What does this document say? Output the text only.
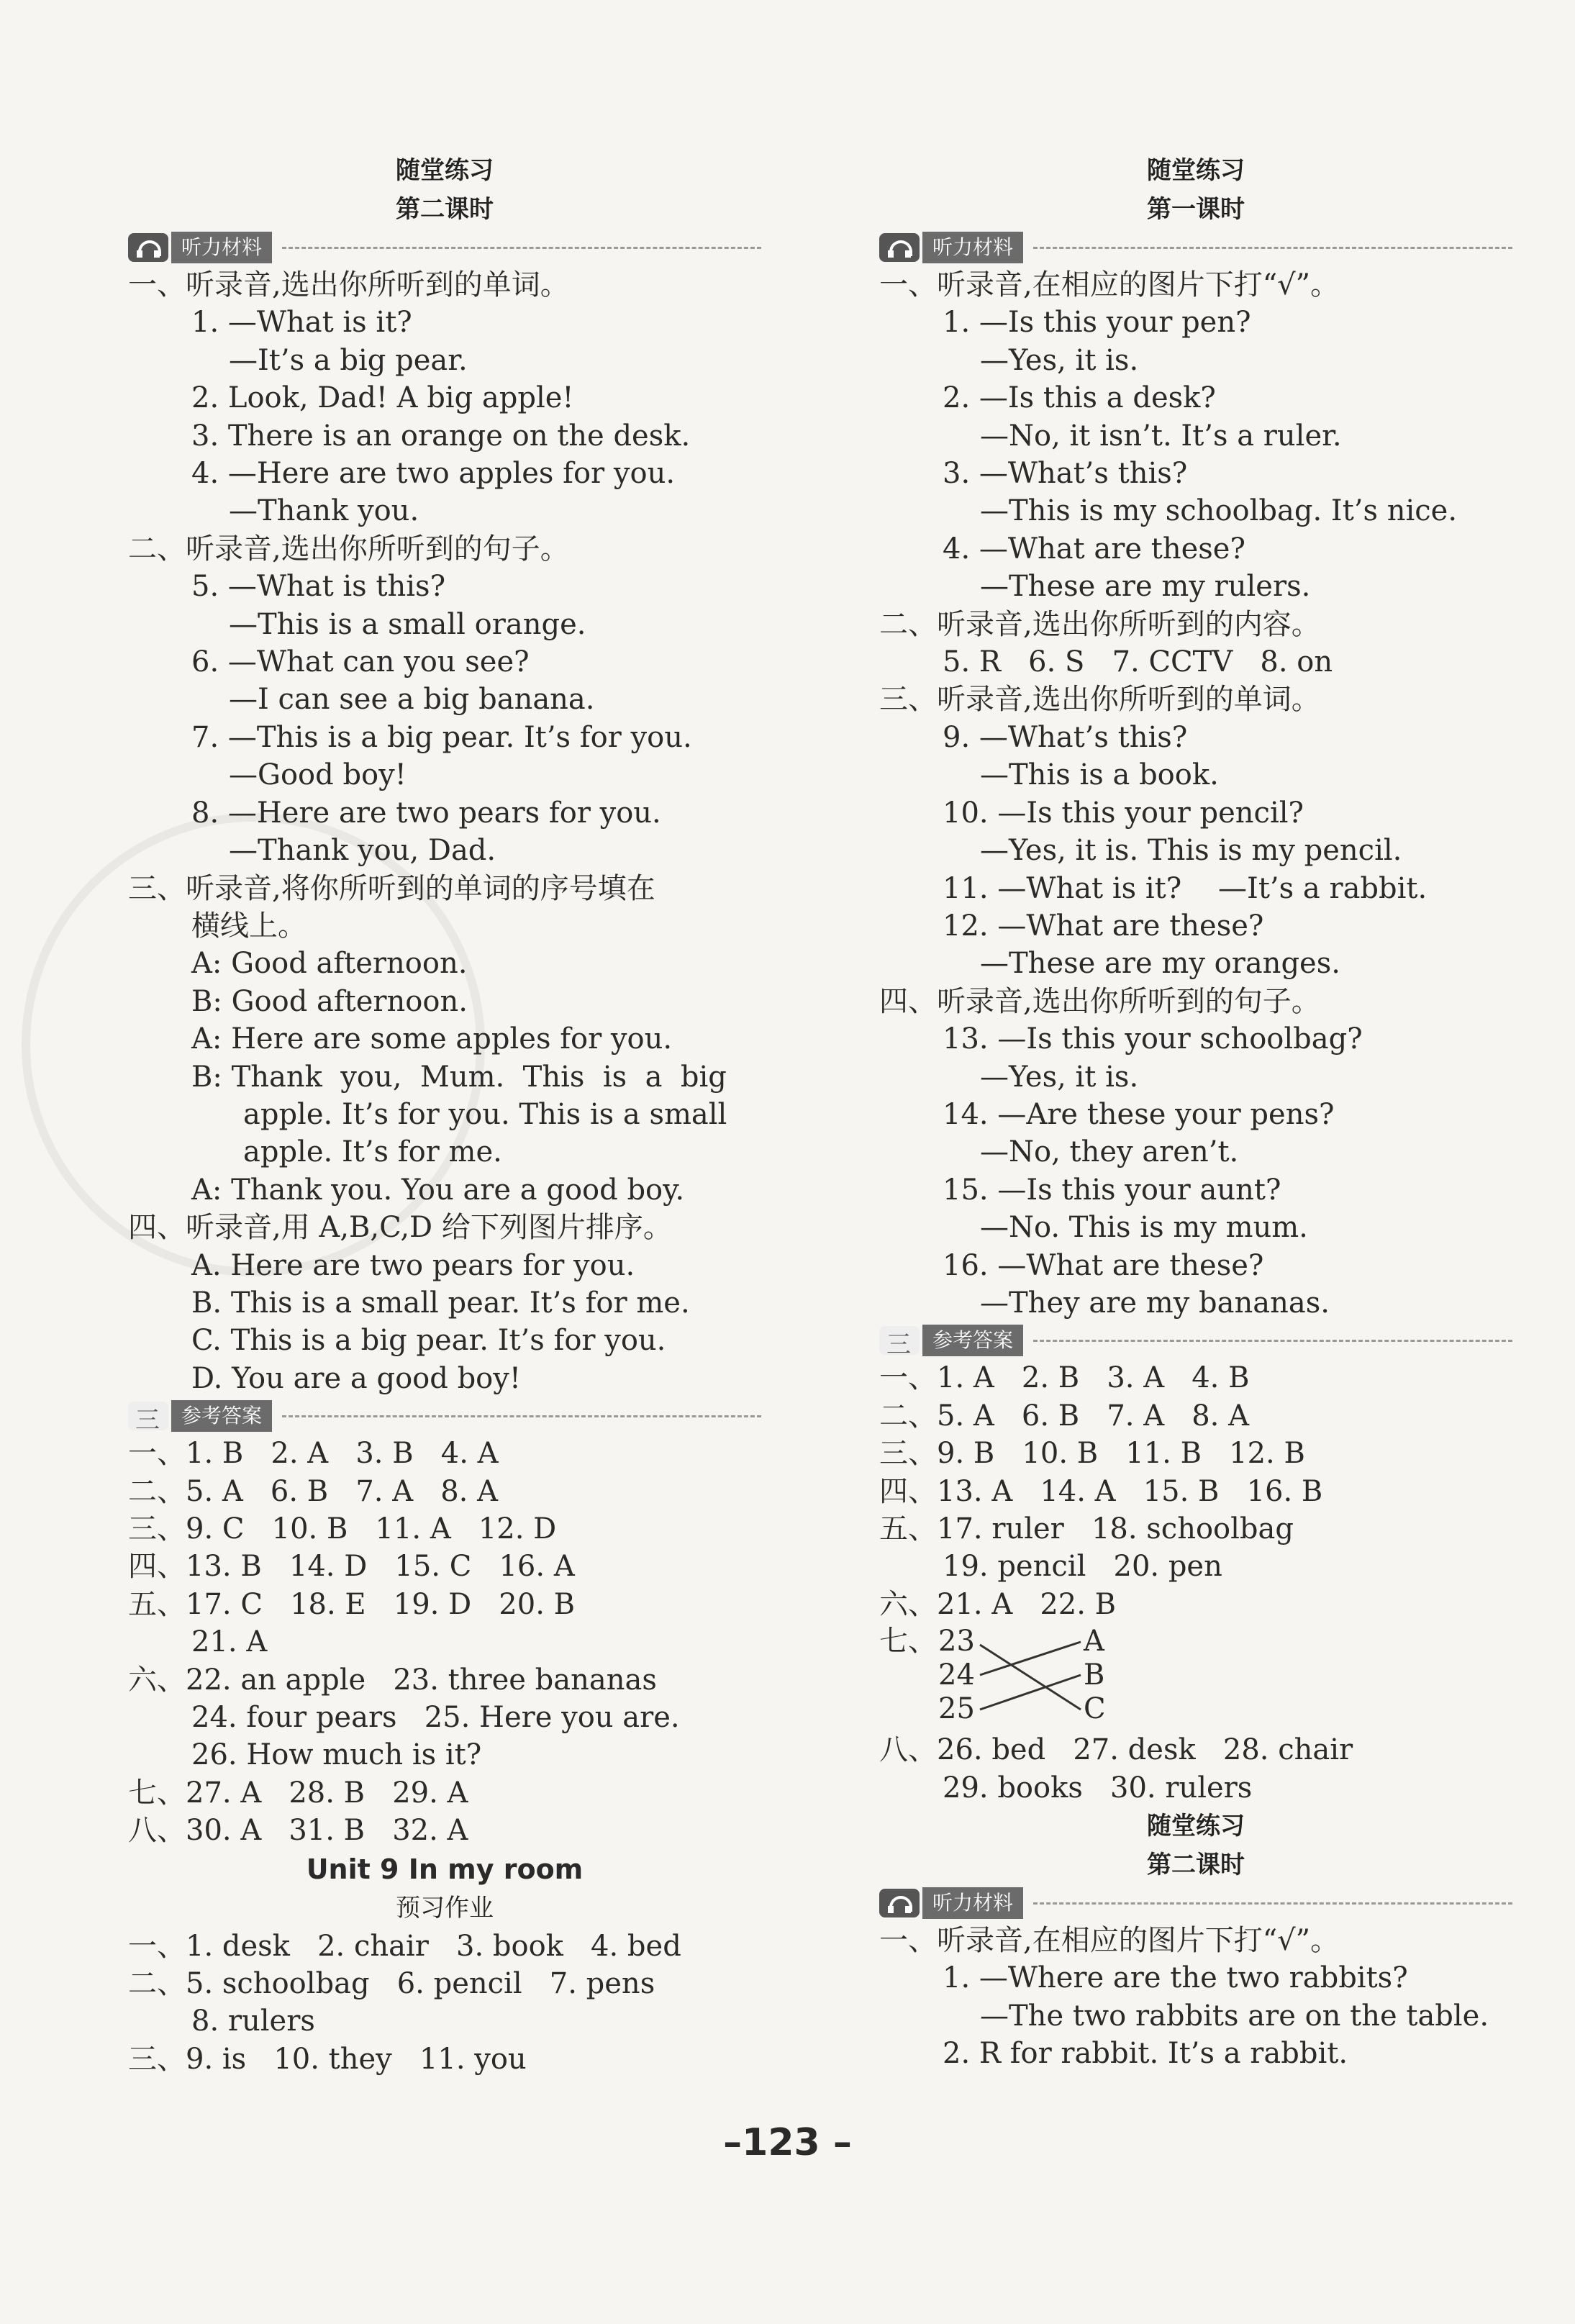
随堂练习
第二课时
听力材料
一、听录音,选出你所听到的单词。
1. —What is it?
—It’s a big pear.
2. Look, Dad! A big apple!
3. There is an orange on the desk.
4. —Here are two apples for you.
—Thank you.
二、听录音,选出你所听到的句子。
5. —What is this?
—This is a small orange.
6. —What can you see?
—I can see a big banana.
7. —This is a big pear. It’s for you.
—Good boy!
8. —Here are two pears for you.
—Thank you, Dad.
三、听录音,将你所听到的单词的序号填在
横线上。
A: Good afternoon.
B: Good afternoon.
A: Here are some apples for you.
B: Thank  you,  Mum.  This  is  a  big
apple. It’s for you. This is a small
apple. It’s for me.
A: Thank you. You are a good boy.
四、听录音,用 A,B,C,D 给下列图片排序。
A. Here are two pears for you.
B. This is a small pear. It’s for me.
C. This is a big pear. It’s for you.
D. You are a good boy!
三
参考答案
一、1. B   2. A   3. B   4. A
二、5. A   6. B   7. A   8. A
三、9. C   10. B   11. A   12. D
四、13. B   14. D   15. C   16. A
五、17. C   18. E   19. D   20. B
21. A
六、22. an apple   23. three bananas
24. four pears   25. Here you are.
26. How much is it?
七、27. A   28. B   29. A
八、30. A   31. B   32. A
Unit 9 In my room
预习作业
一、1. desk   2. chair   3. book   4. bed
二、5. schoolbag   6. pencil   7. pens
8. rulers
三、9. is   10. they   11. you
随堂练习
第一课时
听力材料
一、听录音,在相应的图片下打“√”。
1. —Is this your pen?
—Yes, it is.
2. —Is this a desk?
—No, it isn’t. It’s a ruler.
3. —What’s this?
—This is my schoolbag. It’s nice.
4. —What are these?
—These are my rulers.
二、听录音,选出你所听到的内容。
5. R   6. S   7. CCTV   8. on
三、听录音,选出你所听到的单词。
9. —What’s this?
—This is a book.
10. —Is this your pencil?
—Yes, it is. This is my pencil.
11. —What is it?    —It’s a rabbit.
12. —What are these?
—These are my oranges.
四、听录音,选出你所听到的句子。
13. —Is this your schoolbag?
—Yes, it is.
14. —Are these your pens?
—No, they aren’t.
15. —Is this your aunt?
—No. This is my mum.
16. —What are these?
—They are my bananas.
三
参考答案
一、1. A   2. B   3. A   4. B
二、5. A   6. B   7. A   8. A
三、9. B   10. B   11. B   12. B
四、13. A   14. A   15. B   16. B
五、17. ruler   18. schoolbag
19. pencil   20. pen
六、21. A   22. B
七、 23
24
25
A
B
C
八、26. bed   27. desk   28. chair
29. books   30. rulers
随堂练习
第二课时
听力材料
一、听录音,在相应的图片下打“√”。
1. —Where are the two rabbits?
—The two rabbits are on the table.
2. R for rabbit. It’s a rabbit.
–123 –
